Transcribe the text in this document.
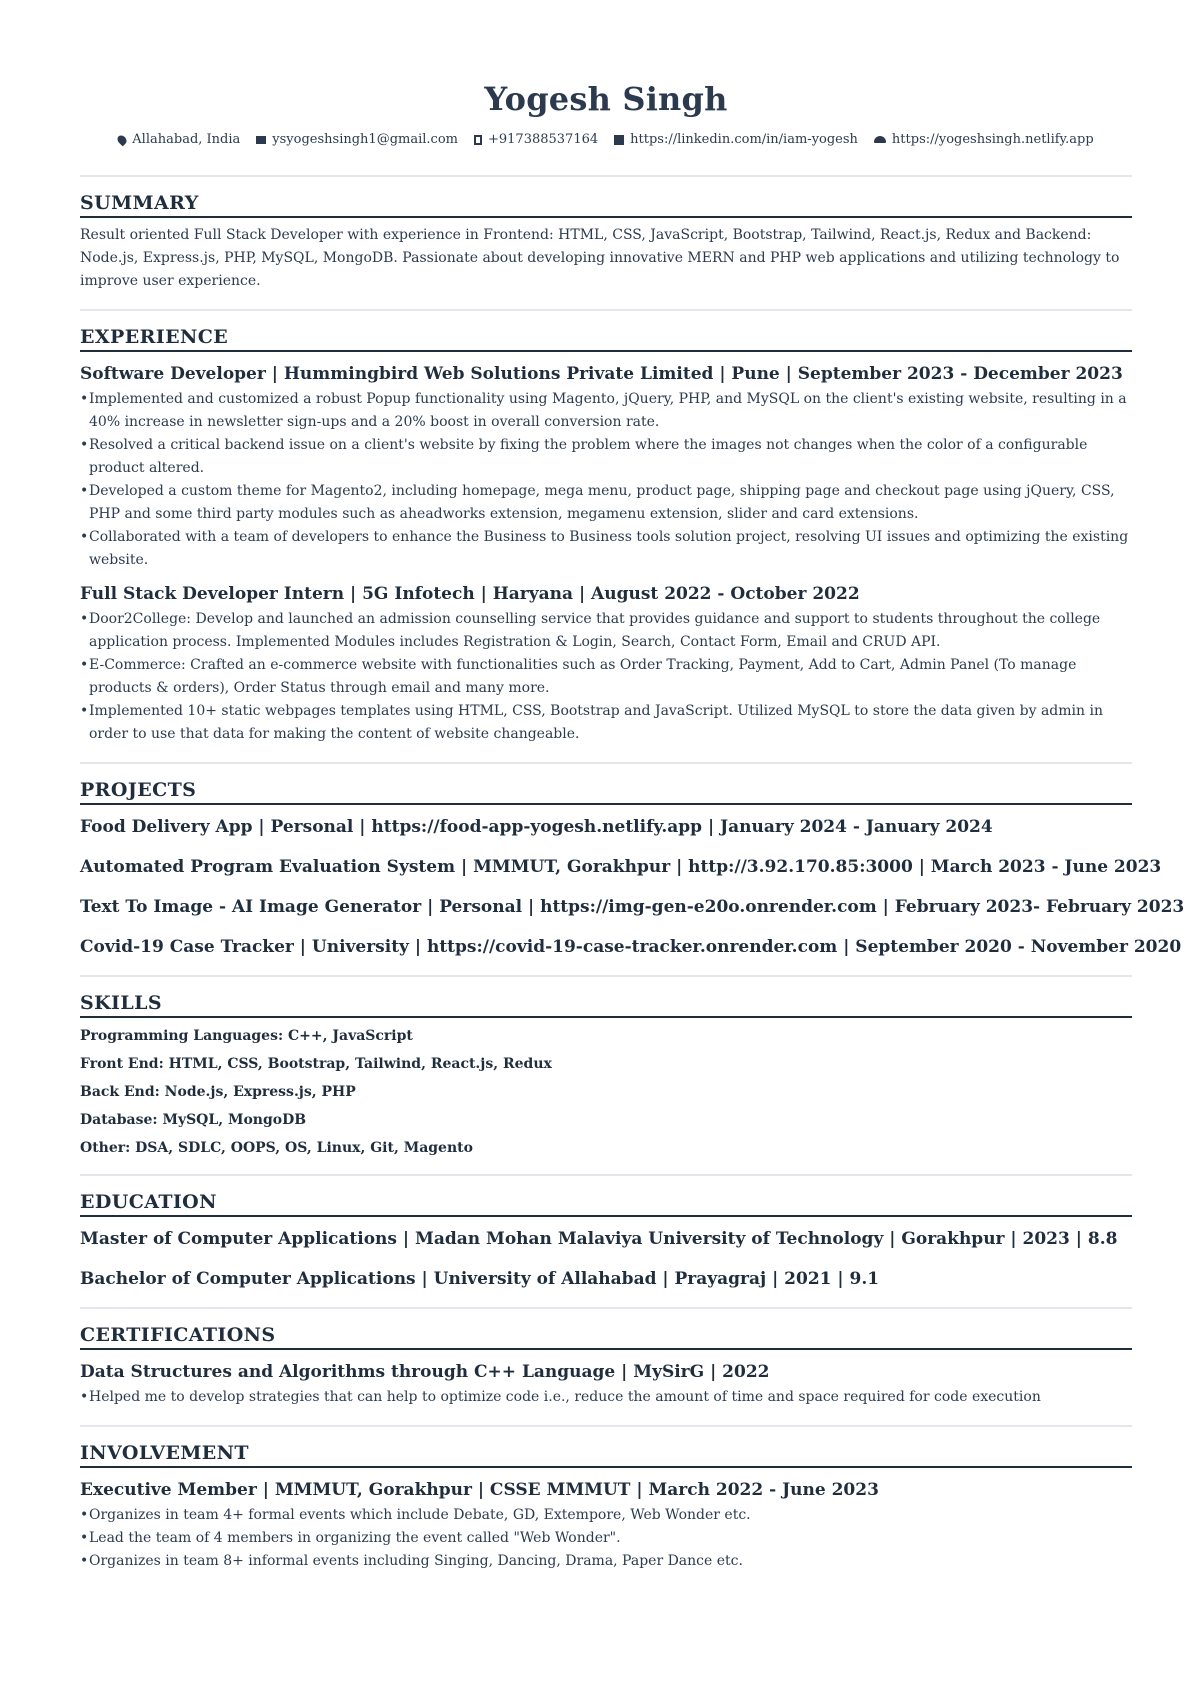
Yogesh Singh
Allahabad, India ysyogeshsingh1@gmail.com +917388537164 https://linkedin.com/in/iam-yogesh	https://yogeshsingh.netlify.app
SUMMARY

Result oriented Full Stack Developer with experience in Frontend: HTML, CSS, JavaScript, Bootstrap, Tailwind, React.js, Redux and Backend: Node.js, Express.js, PHP, MySQL, MongoDB. Passionate about developing innovative MERN and PHP web applications and utilizing technology to improve user experience.

EXPERIENCE
Software Developer | Hummingbird Web Solutions Private Limited | Pune | September 2023 - December 2023
• Implemented and customized a robust Popup functionality using Magento, jQuery, PHP, and MySQL on the client's existing website, resulting in a 40% increase in newsletter sign-ups and a 20% boost in overall conversion rate.
• Resolved a critical backend issue on a client's website by fixing the problem where the images not changes when the color of a configurable product altered.
• Developed a custom theme for Magento2, including homepage, mega menu, product page, shipping page and checkout page using jQuery, CSS, PHP and some third party modules such as aheadworks extension, megamenu extension, slider and card extensions.
• Collaborated with a team of developers to enhance the Business to Business tools solution project, resolving UI issues and optimizing the existing website.
Full Stack Developer Intern | 5G Infotech | Haryana | August 2022 - October 2022
• Door2College: Develop and launched an admission counselling service that provides guidance and support to students throughout the college application process. Implemented Modules includes Registration & Login, Search, Contact Form, Email and CRUD API.
• E-Commerce: Crafted an e-commerce website with functionalities such as Order Tracking, Payment, Add to Cart, Admin Panel (To manage products & orders), Order Status through email and many more.
• Implemented 10+ static webpages templates using HTML, CSS, Bootstrap and JavaScript. Utilized MySQL to store the data given by admin in order to use that data for making the content of website changeable.
PROJECTS
Food Delivery App | Personal | https://food-app-yogesh.netlify.app | January 2024 - January 2024
Automated Program Evaluation System | MMMUT, Gorakhpur | http://3.92.170.85:3000 | March 2023 - June 2023
Text To Image - AI Image Generator | Personal | https://img-gen-e20o.onrender.com | February 2023- February 2023
Covid-19 Case Tracker | University | https://covid-19-case-tracker.onrender.com | September 2020 - November 2020
SKILLS
Programming Languages: C++, JavaScript
Front End: HTML, CSS, Bootstrap, Tailwind, React.js, Redux
Back End: Node.js, Express.js, PHP
Database: MySQL, MongoDB
Other: DSA, SDLC, OOPS, OS, Linux, Git, Magento
EDUCATION
Master of Computer Applications | Madan Mohan Malaviya University of Technology | Gorakhpur | 2023 | 8.8
Bachelor of Computer Applications | University of Allahabad | Prayagraj | 2021 | 9.1
CERTIFICATIONS
Data Structures and Algorithms through C++ Language | MySirG | 2022
• Helped me to develop strategies that can help to optimize code i.e., reduce the amount of time and space required for code execution
INVOLVEMENT
Executive Member | MMMUT, Gorakhpur | CSSE MMMUT | March 2022 - June 2023
• Organizes in team 4+ formal events which include Debate, GD, Extempore, Web Wonder etc.
• Lead the team of 4 members in organizing the event called "Web Wonder".
• Organizes in team 8+ informal events including Singing, Dancing, Drama, Paper Dance etc.
